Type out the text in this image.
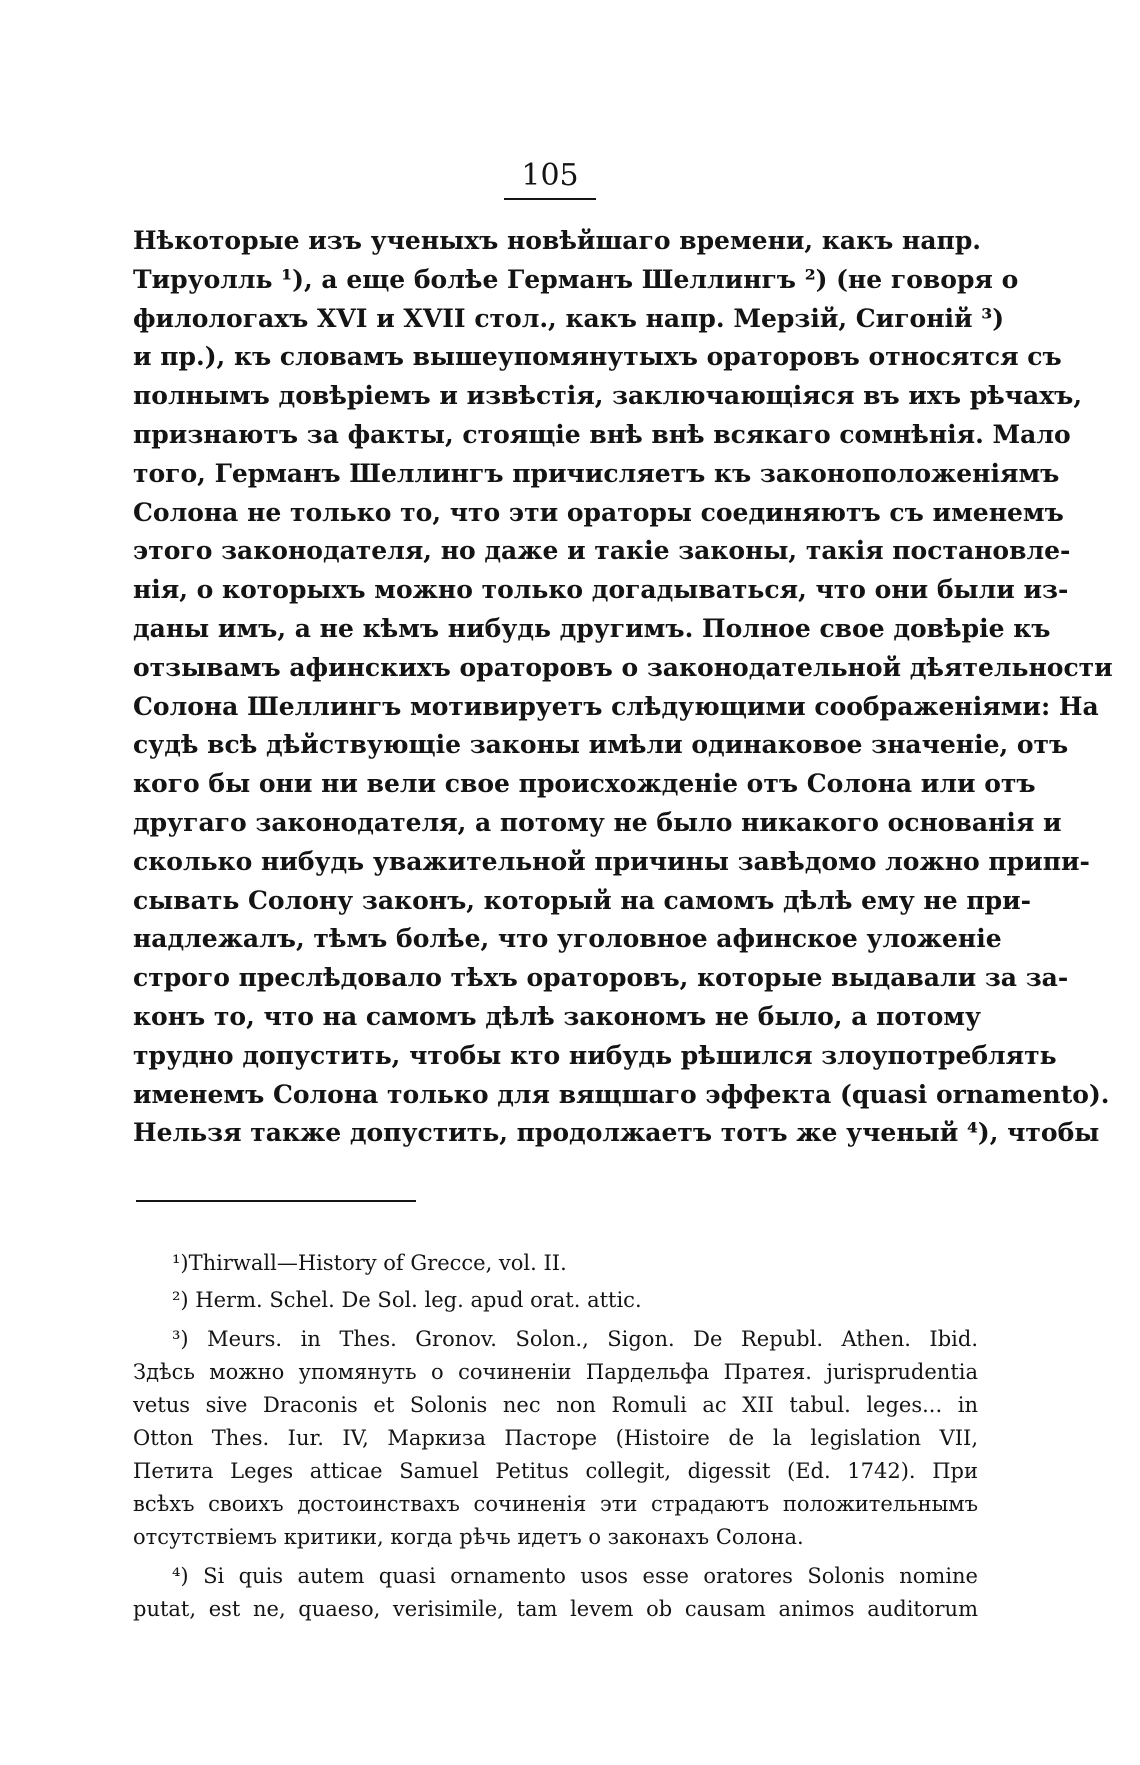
105
Нѣкоторые изъ ученыхъ новѣйшаго времени, какъ напр.
Тируолль ¹), а еще болѣе Германъ Шеллингъ ²) (не говоря о
филологахъ XVI и XVII стол., какъ напр. Мерзій, Сигоній ³)
и пр.), къ словамъ вышеупомянутыхъ ораторовъ относятся съ
полнымъ довѣріемъ и извѣстія, заключающіяся въ ихъ рѣчахъ,
признаютъ за факты, стоящіе внѣ внѣ всякаго сомнѣнія. Мало
того, Германъ Шеллингъ причисляетъ къ законоположеніямъ
Солона не только то, что эти ораторы соединяютъ съ именемъ
этого законодателя, но даже и такіе законы, такія постановле-
нія, о которыхъ можно только догадываться, что они были из-
даны имъ, а не кѣмъ нибудь другимъ. Полное свое довѣріе къ
отзывамъ афинскихъ ораторовъ о законодательной дѣятельности
Солона Шеллингъ мотивируетъ слѣдующими соображеніями: На
судѣ всѣ дѣйствующіе законы имѣли одинаковое значеніе, отъ
кого бы они ни вели свое происхожденіе отъ Солона или отъ
другаго законодателя, а потому не было никакого основанія и
сколько нибудь уважительной причины завѣдомо ложно припи-
сывать Солону законъ, который на самомъ дѣлѣ ему не при-
надлежалъ, тѣмъ болѣе, что уголовное афинское уложеніе
строго преслѣдовало тѣхъ ораторовъ, которые выдавали за за-
конъ то, что на самомъ дѣлѣ закономъ не было, а потому
трудно допустить, чтобы кто нибудь рѣшился злоупотреблять
именемъ Солона только для вящшаго эффекта (quasi ornamento).
Нельзя также допустить, продолжаетъ тотъ же ученый ⁴), чтобы
¹)Thirwall—History of Grecce, vol. II.
²) Herm. Schel. De Sol. leg. apud orat. attic.
³) Meurs. in Thes. Gronov. Solon., Sigon. De Republ. Athen. Ibid.
Здѣсь можно упомянуть о сочиненіи Пардельфа Пратея. jurisprudentia
vetus sive Draconis et Solonis nec non Romuli ac XII tabul. leges... in
Otton Thes. Iur. IV, Маркиза Пасторе (Histoire de la legislation VII,
Петита Leges atticae Samuel Petitus collegit, digessit (Ed. 1742). При
всѣхъ своихъ достоинствахъ сочиненія эти страдаютъ положительнымъ
отсутствіемъ критики, когда рѣчь идетъ о законахъ Солона.
⁴) Si quis autem quasi ornamento usos esse oratores Solonis nomine
putat, est ne, quaeso, verisimile, tam levem ob causam animos auditorum
